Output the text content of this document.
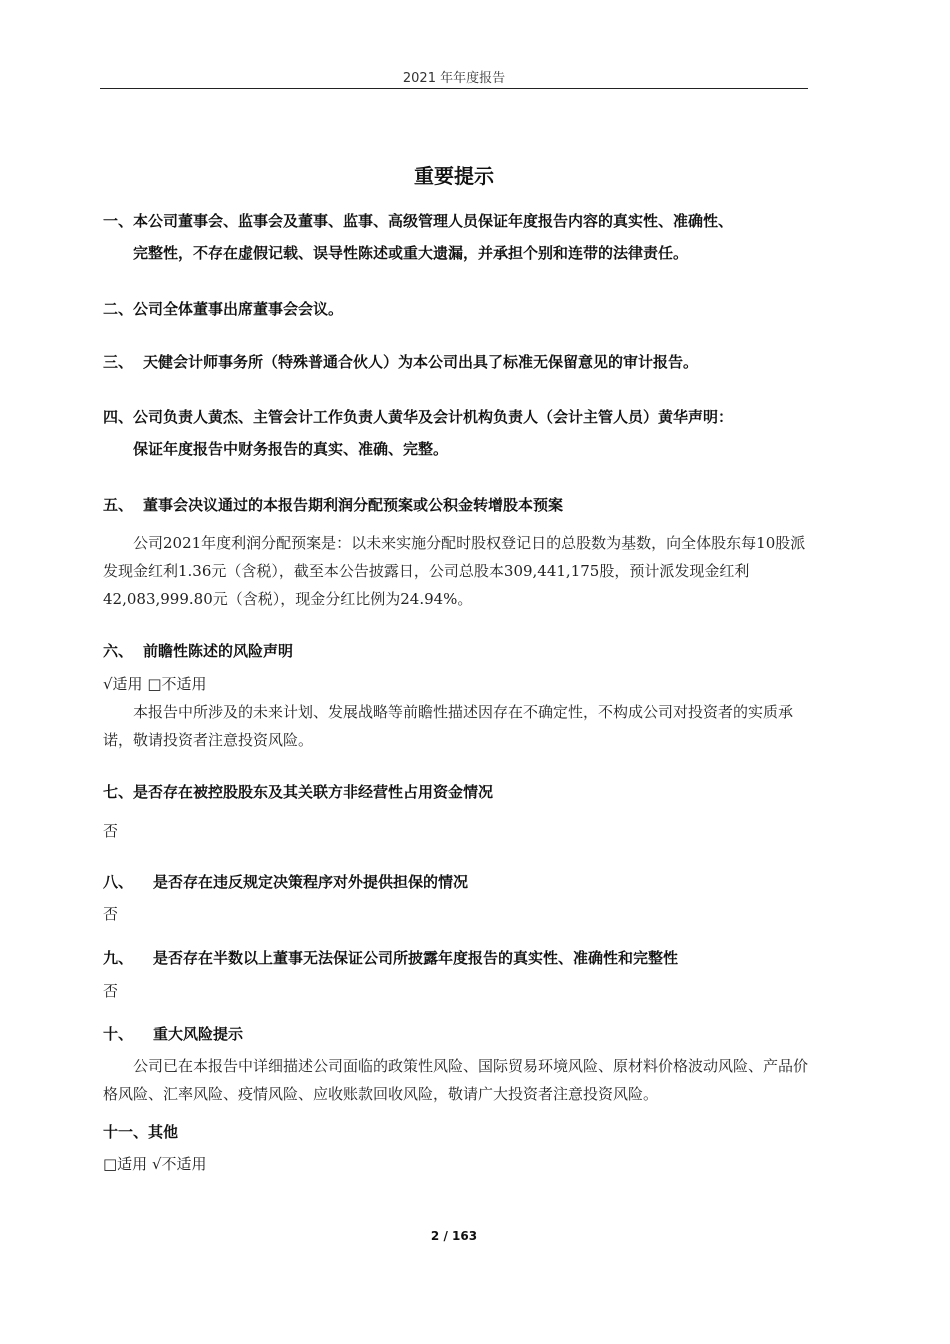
2021 年年度报告
重要提示
一、本公司董事会、监事会及董事、监事、高级管理人员保证年度报告内容的真实性、准确性、
完整性，不存在虚假记载、误导性陈述或重大遗漏，并承担个别和连带的法律责任。
二、公司全体董事出席董事会会议。
三、 天健会计师事务所（特殊普通合伙人）为本公司出具了标准无保留意见的审计报告。
四、公司负责人黄杰、主管会计工作负责人黄华及会计机构负责人（会计主管人员）黄华声明：
保证年度报告中财务报告的真实、准确、完整。
五、 董事会决议通过的本报告期利润分配预案或公积金转增股本预案
公司2021年度利润分配预案是：以未来实施分配时股权登记日的总股数为基数，向全体股东每10股派发现金红利1.36元（含税），截至本公告披露日，公司总股本309,441,175股，预计派发现金红利42,083,999.80元（含税），现金分红比例为24.94%。
六、 前瞻性陈述的风险声明
√适用 □不适用
本报告中所涉及的未来计划、发展战略等前瞻性描述因存在不确定性，不构成公司对投资者的实质承诺，敬请投资者注意投资风险。
七、是否存在被控股股东及其关联方非经营性占用资金情况
否
八、 是否存在违反规定决策程序对外提供担保的情况
否
九、 是否存在半数以上董事无法保证公司所披露年度报告的真实性、准确性和完整性
否
十、 重大风险提示
公司已在本报告中详细描述公司面临的政策性风险、国际贸易环境风险、原材料价格波动风险、产品价格风险、汇率风险、疫情风险、应收账款回收风险，敬请广大投资者注意投资风险。
十一、其他
□适用 √不适用
2 / 163
